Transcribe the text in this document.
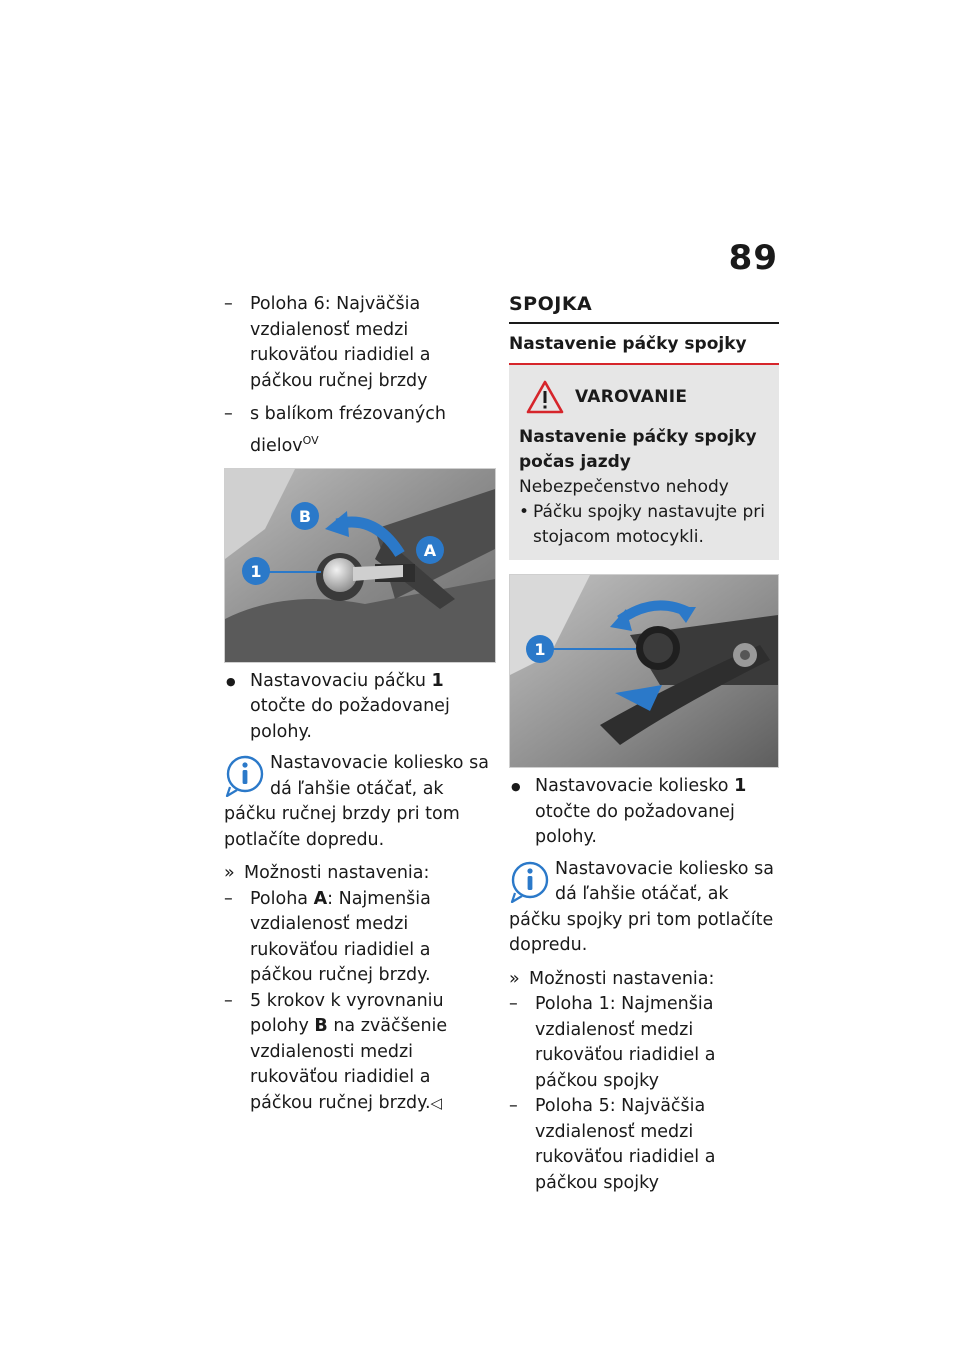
89
– Poloha 6: Najväčšia vzdialenosť medzi rukoväťou riadidiel a páčkou ručnej brzdy
– s balíkom frézovaných dielov$^{OV}$
B
A
1
● Nastavovaciu páčku 1 otočte do požadovanej polohy.
Nastavovacie koliesko sa dá ľahšie otáčať, ak páčku ručnej brzdy pri tom potlačíte dopredu.
» Možnosti nastavenia:
– Poloha A: Najmenšia vzdialenosť medzi rukoväťou riadidiel a páčkou ručnej brzdy.
– 5 krokov k vyrovnaniu polohy B na zväčšenie vzdialenosti medzi rukoväťou riadidiel a páčkou ručnej brzdy.◁
SPOJKA
Nastavenie páčky spojky
VAROVANIE
Nastavenie páčky spojky počas jazdy
Nebezpečenstvo nehody
• Páčku spojky nastavujte pri stojacom motocykli.
1
● Nastavovacie koliesko 1 otočte do požadovanej polohy.
Nastavovacie koliesko sa dá ľahšie otáčať, ak páčku spojky pri tom potlačíte dopredu.
» Možnosti nastavenia:
– Poloha 1: Najmenšia vzdialenosť medzi rukoväťou riadidiel a páčkou spojky
– Poloha 5: Najväčšia vzdialenosť medzi rukoväťou riadidiel a páčkou spojky
